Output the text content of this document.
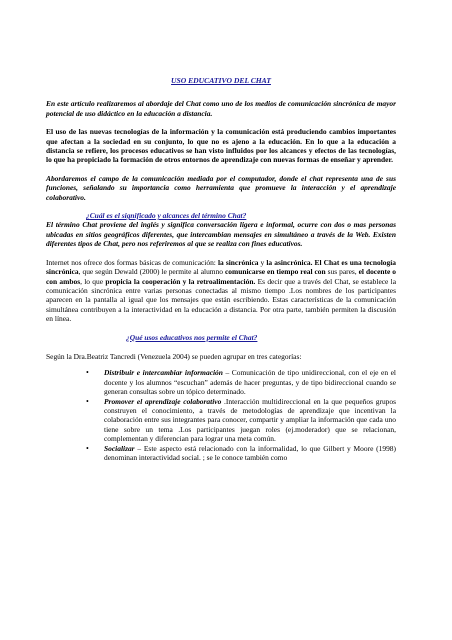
USO EDUCATIVO DEL CHAT

En este artículo realizaremos al abordaje del Chat como uno de los medios de comunicación sincrónica de mayor potencial de uso didáctico en la educación a distancia.

El uso de las nuevas tecnologías de la información y la comunicación está produciendo cambios importantes que afectan a la sociedad en su conjunto, lo que no es ajeno a la educación. En lo que a la educación a distancia se refiere, los procesos educativos se han visto influidos por los alcances y efectos de las tecnologías, lo que ha propiciado la formación de otros entornos de aprendizaje con nuevas formas de enseñar y aprender.

Abordaremos el campo de la comunicación mediada por el computador, donde el chat representa una de sus funciones, señalando su importancia como herramienta que promueve la interacción y el aprendizaje colaborativo.

¿Cuál es el significado y alcances del término Chat?

El término Chat proviene del inglés y significa conversación ligera e informal, ocurre con dos o mas personas ubicadas en sitios geográficos diferentes, que intercambian mensajes en simultáneo a través de la Web. Existen diferentes tipos de Chat, pero nos referiremos al que se realiza con fines educativos.

Internet nos ofrece dos formas básicas de comunicación: la sincrónica y la asincrónica. El Chat es una tecnología sincrónica, que según Dewald (2000) le permite al alumno comunicarse en tiempo real con sus pares, el docente o con ambos, lo que propicia la cooperación y la retroalimentación. Es decir que a través del Chat, se establece la comunicación sincrónica entre varias personas conectadas al mismo tiempo .Los nombres de los participantes aparecen en la pantalla al igual que los mensajes que están escribiendo. Estas características de la comunicación simultánea contribuyen a la interactividad en la educación a distancia. Por otra parte, también permiten la discusión en línea.

¿Qué usos educativos nos permite el Chat?

Según la Dra.Beatriz Tancredi (Venezuela 2004) se pueden agrupar en tres categorías:

• Distribuir e intercambiar información – Comunicación de tipo unidireccional, con el eje en el docente y los alumnos “escuchan” además de hacer preguntas, y de tipo bidireccional cuando se generan consultas sobre un tópico determinado.
• Promover el aprendizaje colaborativo .Interacción multidireccional en la que pequeños grupos construyen el conocimiento, a través de metodologías de aprendizaje que incentivan la colaboración entre sus integrantes para conocer, compartir y ampliar la información que cada uno tiene sobre un tema .Los participantes juegan roles (ej.moderador) que se relacionan, complementan y diferencian para lograr una meta común.
• Socializar – Este aspecto está relacionado con la informalidad, lo que Gilbert y Moore (1998) denominan interactividad social. ; se le conoce también como
